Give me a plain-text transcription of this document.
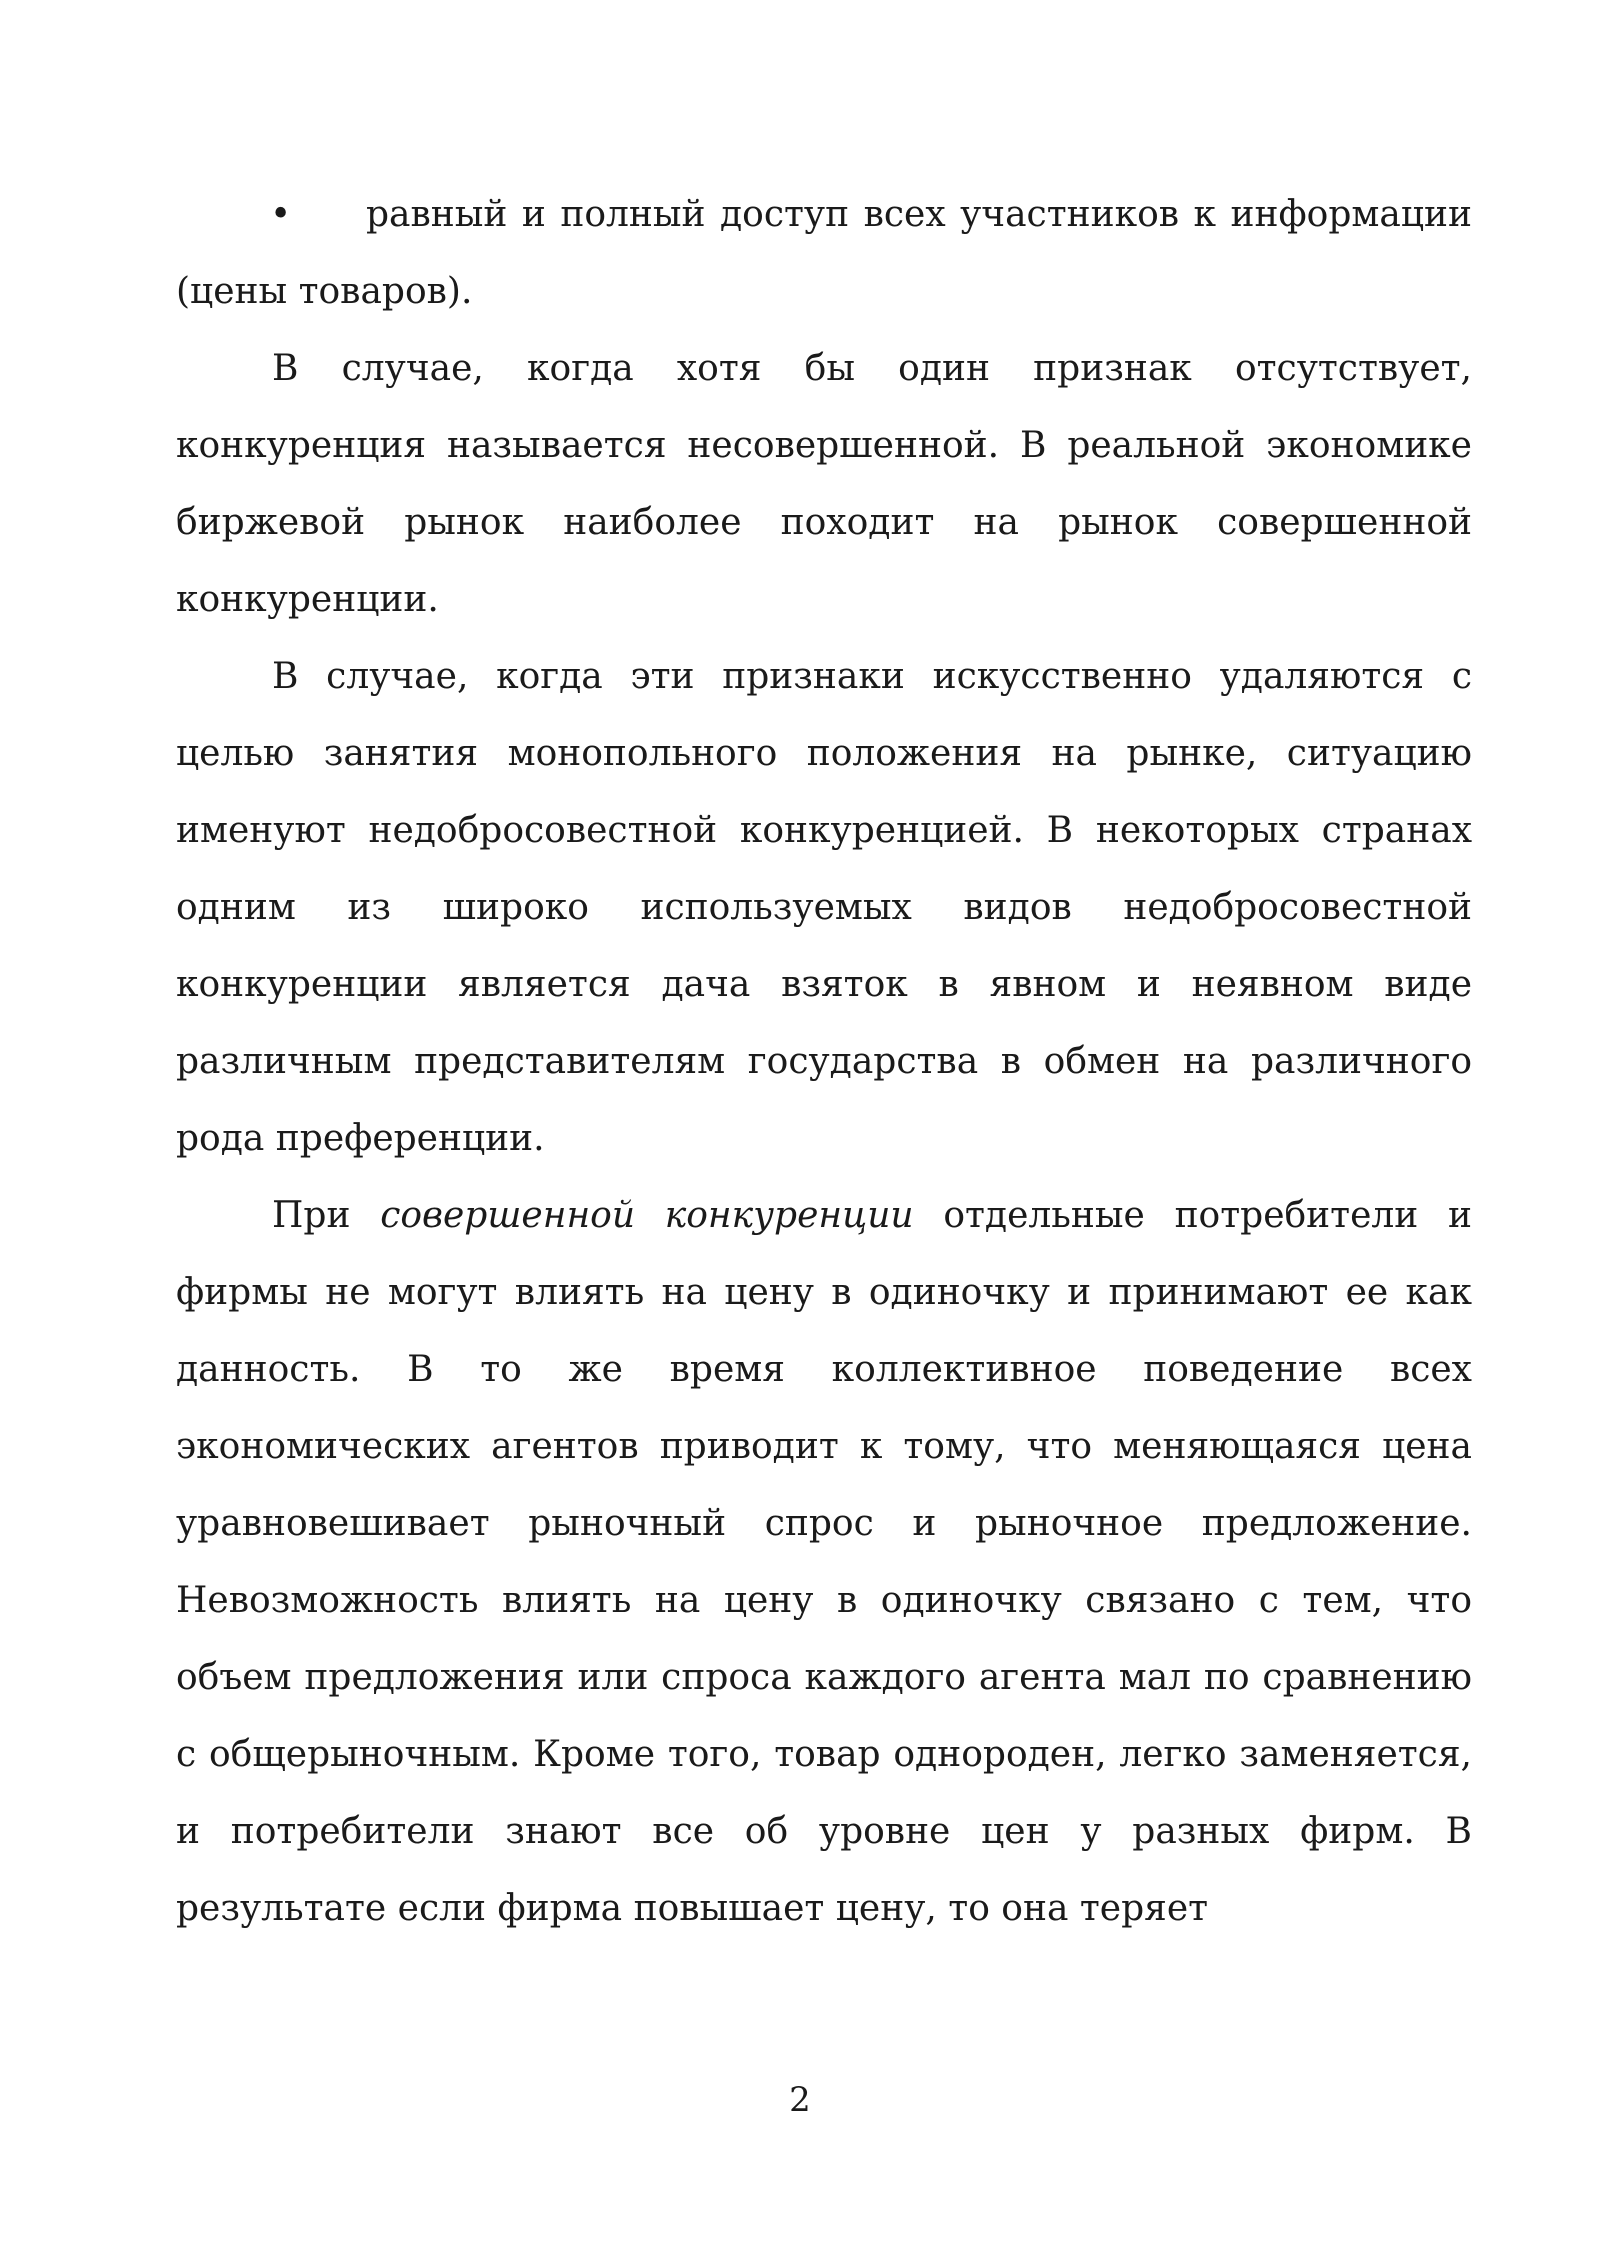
• равный и полный доступ всех участников к информации (цены товаров).

В случае, когда хотя бы один признак отсутствует, конкуренция называется несовершенной. В реальной экономике биржевой рынок наиболее походит на рынок совершенной конкуренции.

В случае, когда эти признаки искусственно удаляются с целью занятия монопольного положения на рынке, ситуацию именуют недобросовестной конкуренцией. В некоторых странах одним из широко используемых видов недобросовестной конкуренции является дача взяток в явном и неявном виде различным представителям государства в обмен на различного рода преференции.

При совершенной конкуренции отдельные потребители и фирмы не могут влиять на цену в одиночку и принимают ее как данность. В то же время коллективное поведение всех экономических агентов приводит к тому, что меняющаяся цена уравновешивает рыночный спрос и рыночное предложение. Невозможность влиять на цену в одиночку связано с тем, что объем предложения или спроса каждого агента мал по сравнению с общерыночным. Кроме того, товар однороден, легко заменяется, и потребители знают все об уровне цен у разных фирм. В результате если фирма повышает цену, то она теряет

2
